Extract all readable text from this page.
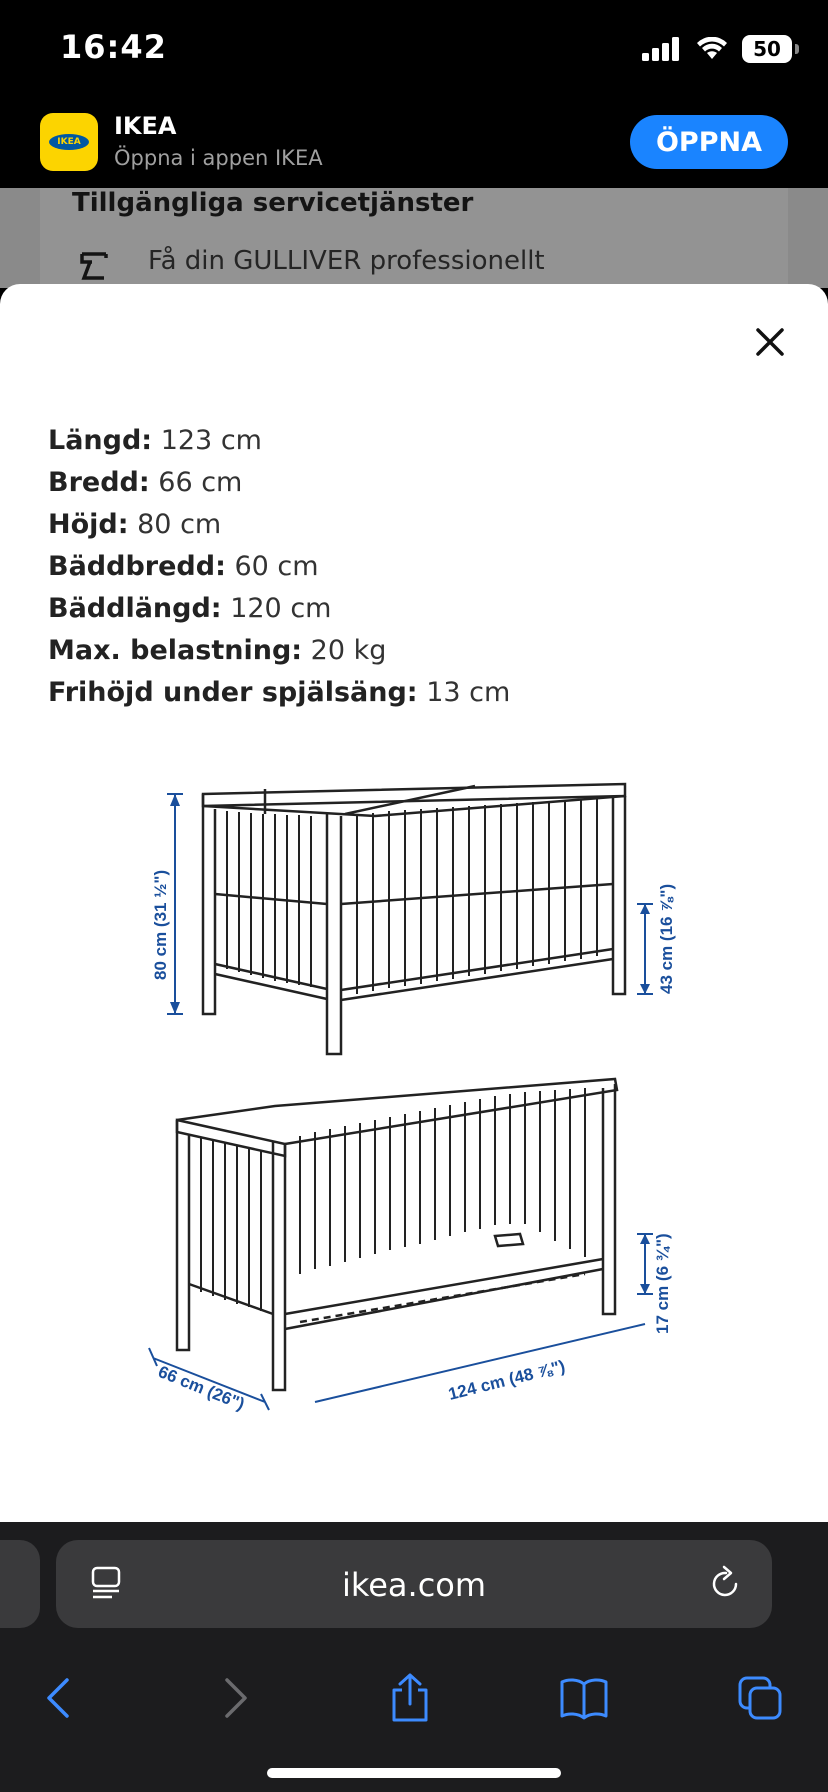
16:42	50
IKEA
IKEA
Öppna i appen IKEA
ÖPPNA
Tillgängliga servicetjänster
Få din GULLIVER professionellt
Längd: 123 cm
Bredd: 66 cm
Höjd: 80 cm
Bäddbredd: 60 cm
Bäddlängd: 120 cm
Max. belastning: 20 kg
Frihöjd under spjälsäng: 13 cm
80 cm (31 ½")	43 cm (16 ⅞")
17 cm (6 ¾")
66 cm (26")	124 cm (48 ⅞")
ikea.com
